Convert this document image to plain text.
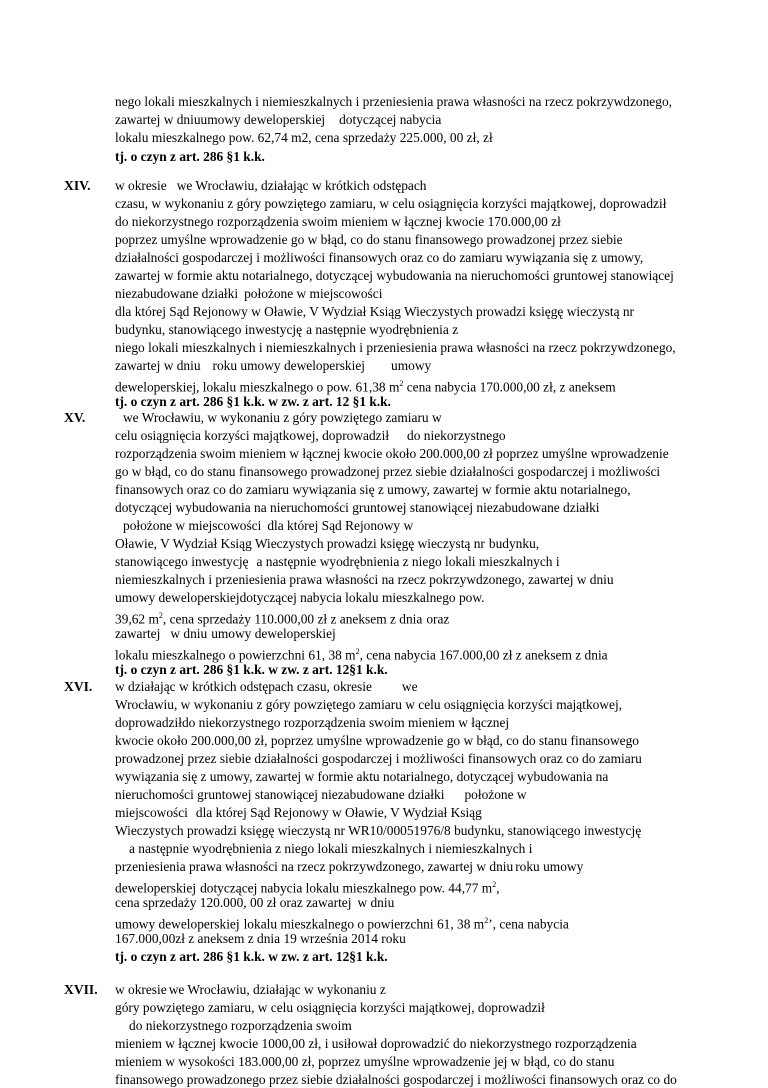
nego lokali mieszkalnych i niemieszkalnych i przeniesienia prawa własności na rzecz pokrzywdzonego,
zawartej w dniuumowy deweloperskiej dotyczącej nabycia
lokalu mieszkalnego pow. 62,74 m2, cena sprzedaży 225.000, 00 zł, zł
tj. o czyn z art. 286 §1 k.k.
XIV. w okresie we Wrocławiu, działając w krótkich odstępach
czasu, w wykonaniu z góry powziętego zamiaru, w celu osiągnięcia korzyści majątkowej, doprowadził
do niekorzystnego rozporządzenia swoim mieniem w łącznej kwocie 170.000,00 zł
poprzez umyślne wprowadzenie go w błąd, co do stanu finansowego prowadzonej przez siebie
działalności gospodarczej i możliwości finansowych oraz co do zamiaru wywiązania się z umowy,
zawartej w formie aktu notarialnego, dotyczącej wybudowania na nieruchomości gruntowej stanowiącej
niezabudowane działki położone w miejscowości
dla której Sąd Rejonowy w Oławie, V Wydział Ksiąg Wieczystych prowadzi księgę wieczystą nr
budynku, stanowiącego inwestycję a następnie wyodrębnienia z
niego lokali mieszkalnych i niemieszkalnych i przeniesienia prawa własności na rzecz pokrzywdzonego,
zawartej w dniu roku umowy deweloperskiej umowy
deweloperskiej, lokalu mieszkalnego o pow. 61,38 $m^2$ cena nabycia 170.000,00 zł, z aneksem
tj. o czyn z art. 286 §1 k.k. w zw. z art. 12 §1 k.k.
XV.	we Wrocławiu, w wykonaniu z góry powziętego zamiaru w
celu osiągnięcia korzyści majątkowej, doprowadził do niekorzystnego
rozporządzenia swoim mieniem w łącznej kwocie około 200.000,00 zł poprzez umyślne wprowadzenie
go w błąd, co do stanu finansowego prowadzonej przez siebie działalności gospodarczej i możliwości
finansowych oraz co do zamiaru wywiązania się z umowy, zawartej w formie aktu notarialnego,
dotyczącej wybudowania na nieruchomości gruntowej stanowiącej niezabudowane działki
położone w miejscowości dla której Sąd Rejonowy w
Oławie, V Wydział Ksiąg Wieczystych prowadzi księgę wieczystą nr budynku,
stanowiącego inwestycję a następnie wyodrębnienia z niego lokali mieszkalnych i
niemieszkalnych i przeniesienia prawa własności na rzecz pokrzywdzonego, zawartej w dniu
umowy deweloperskiejdotyczącej nabycia lokalu mieszkalnego pow.
39,62 $m^2$, cena sprzedaży 110.000,00 zł z aneksem z dnia oraz
zawartej w dniu umowy deweloperskiej
lokalu mieszkalnego o powierzchni 61, 38 $m^2$, cena nabycia 167.000,00 zł z aneksem z dnia
tj. o czyn z art. 286 §1 k.k. w zw. z art. 12§1 k.k.
XVI. w działając w krótkich odstępach czasu, okresie we
Wrocławiu, w wykonaniu z góry powziętego zamiaru w celu osiągnięcia korzyści majątkowej,
doprowadziłdo niekorzystnego rozporządzenia swoim mieniem w łącznej
kwocie około 200.000,00 zł, poprzez umyślne wprowadzenie go w błąd, co do stanu finansowego
prowadzonej przez siebie działalności gospodarczej i możliwości finansowych oraz co do zamiaru
wywiązania się z umowy, zawartej w formie aktu notarialnego, dotyczącej wybudowania na
nieruchomości gruntowej stanowiącej niezabudowane działki położone w
miejscowości dla której Sąd Rejonowy w Oławie, V Wydział Ksiąg
Wieczystych prowadzi księgę wieczystą nr WR10/00051976/8 budynku, stanowiącego inwestycję
a następnie wyodrębnienia z niego lokali mieszkalnych i niemieszkalnych i
przeniesienia prawa własności na rzecz pokrzywdzonego, zawartej w dniu roku umowy
deweloperskiej dotyczącej nabycia lokalu mieszkalnego pow. 44,77 $m^2$,
cena sprzedaży 120.000, 00 zł oraz zawartej w dniu
umowy deweloperskiej lokalu mieszkalnego o powierzchni 61, 38 $m^2$’, cena nabycia
167.000,00zł z aneksem z dnia 19 września 2014 roku
tj. o czyn z art. 286 §1 k.k. w zw. z art. 12§1 k.k.
XVII. w okresie we Wrocławiu, działając w wykonaniu z
góry powziętego zamiaru, w celu osiągnięcia korzyści majątkowej, doprowadził
do niekorzystnego rozporządzenia swoim
mieniem w łącznej kwocie 1000,00 zł, i usiłował doprowadzić do niekorzystnego rozporządzenia
mieniem w wysokości 183.000,00 zł, poprzez umyślne wprowadzenie jej w błąd, co do stanu
finansowego prowadzonego przez siebie działalności gospodarczej i możliwości finansowych oraz co do
